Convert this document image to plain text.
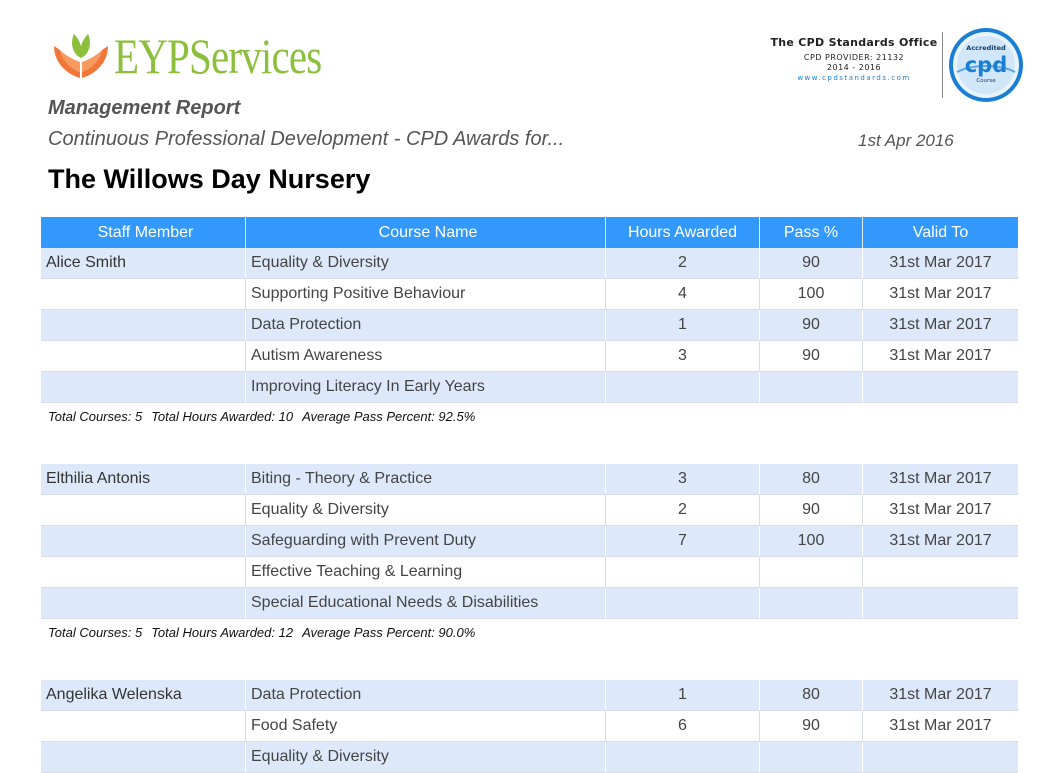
EYPServices	The CPD Standards Office
CPD PROVIDER: 21132
2014 - 2016
www.cpdstandards.com
Accredited
cpd
Course
Management Report
Continuous Professional Development - CPD Awards for...	1st Apr 2016
The Willows Day Nursery
Staff Member	Course Name	Hours Awarded	Pass %	Valid To
Alice Smith	Equality & Diversity	2	90	31st Mar 2017
Supporting Positive Behaviour	4	100	31st Mar 2017
Data Protection	1	90	31st Mar 2017
Autism Awareness	3	90	31st Mar 2017
Improving Literacy In Early Years
Total Courses: 5 Total Hours Awarded: 10 Average Pass Percent: 92.5%
Elthilia Antonis	Biting - Theory & Practice	3	80	31st Mar 2017
Equality & Diversity	2	90	31st Mar 2017
Safeguarding with Prevent Duty	7	100	31st Mar 2017
Effective Teaching & Learning
Special Educational Needs & Disabilities
Total Courses: 5 Total Hours Awarded: 12 Average Pass Percent: 90.0%
Angelika Welenska	Data Protection	1	80	31st Mar 2017
Food Safety	6	90	31st Mar 2017
Equality & Diversity
